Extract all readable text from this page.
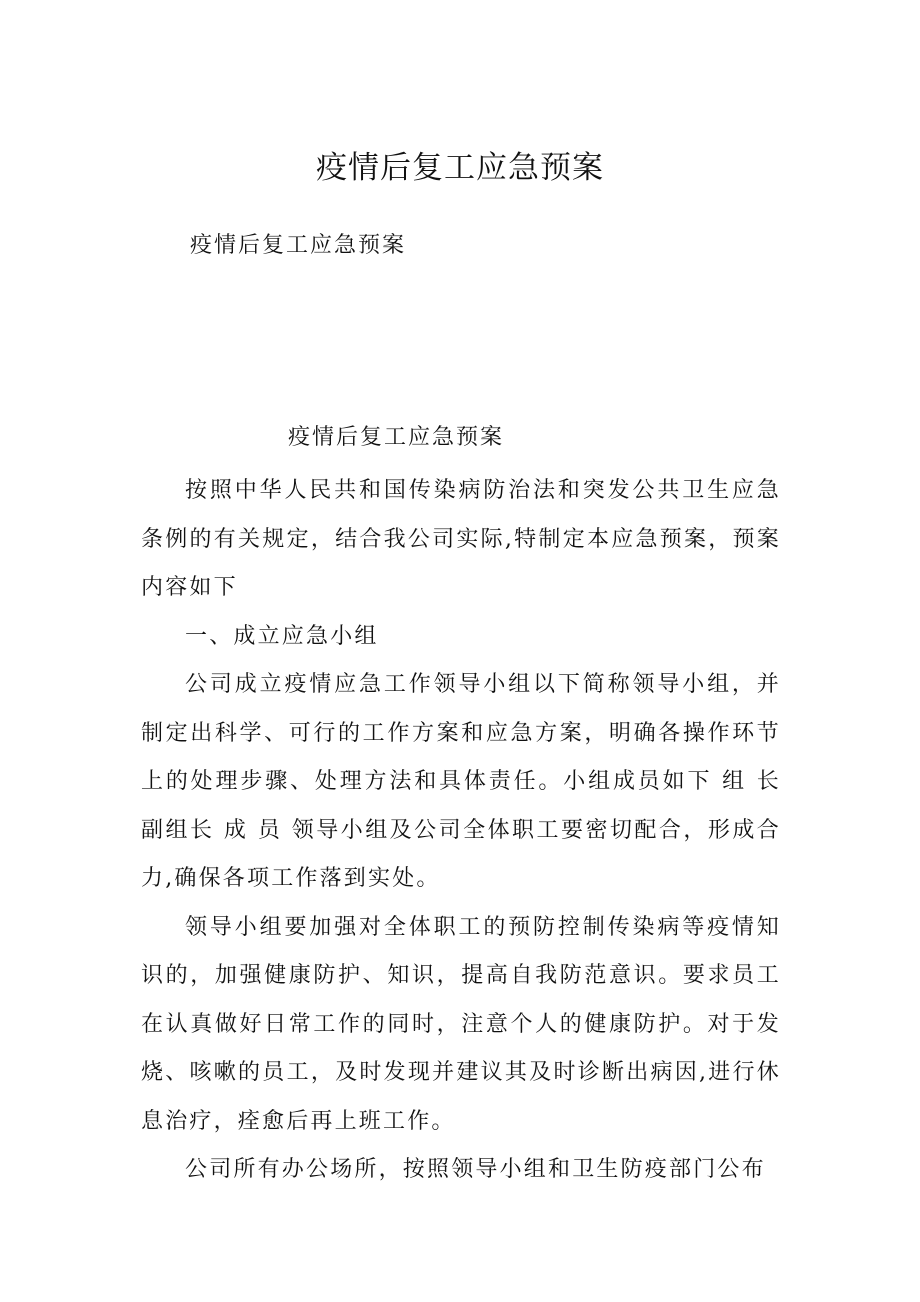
疫情后复工应急预案

疫情后复工应急预案

疫情后复工应急预案

按照中华人民共和国传染病防治法和突发公共卫生应急条例的有关规定，结合我公司实际,特制定本应急预案，预案内容如下

一、成立应急小组

公司成立疫情应急工作领导小组以下简称领导小组，并制定出科学、可行的工作方案和应急方案，明确各操作环节上的处理步骤、处理方法和具体责任。小组成员如下 组 长 副组长 成 员 领导小组及公司全体职工要密切配合，形成合力,确保各项工作落到实处。

领导小组要加强对全体职工的预防控制传染病等疫情知识的，加强健康防护、知识，提高自我防范意识。要求员工在认真做好日常工作的同时，注意个人的健康防护。对于发烧、咳嗽的员工，及时发现并建议其及时诊断出病因,进行休息治疗，痊愈后再上班工作。

公司所有办公场所，按照领导小组和卫生防疫部门公布
